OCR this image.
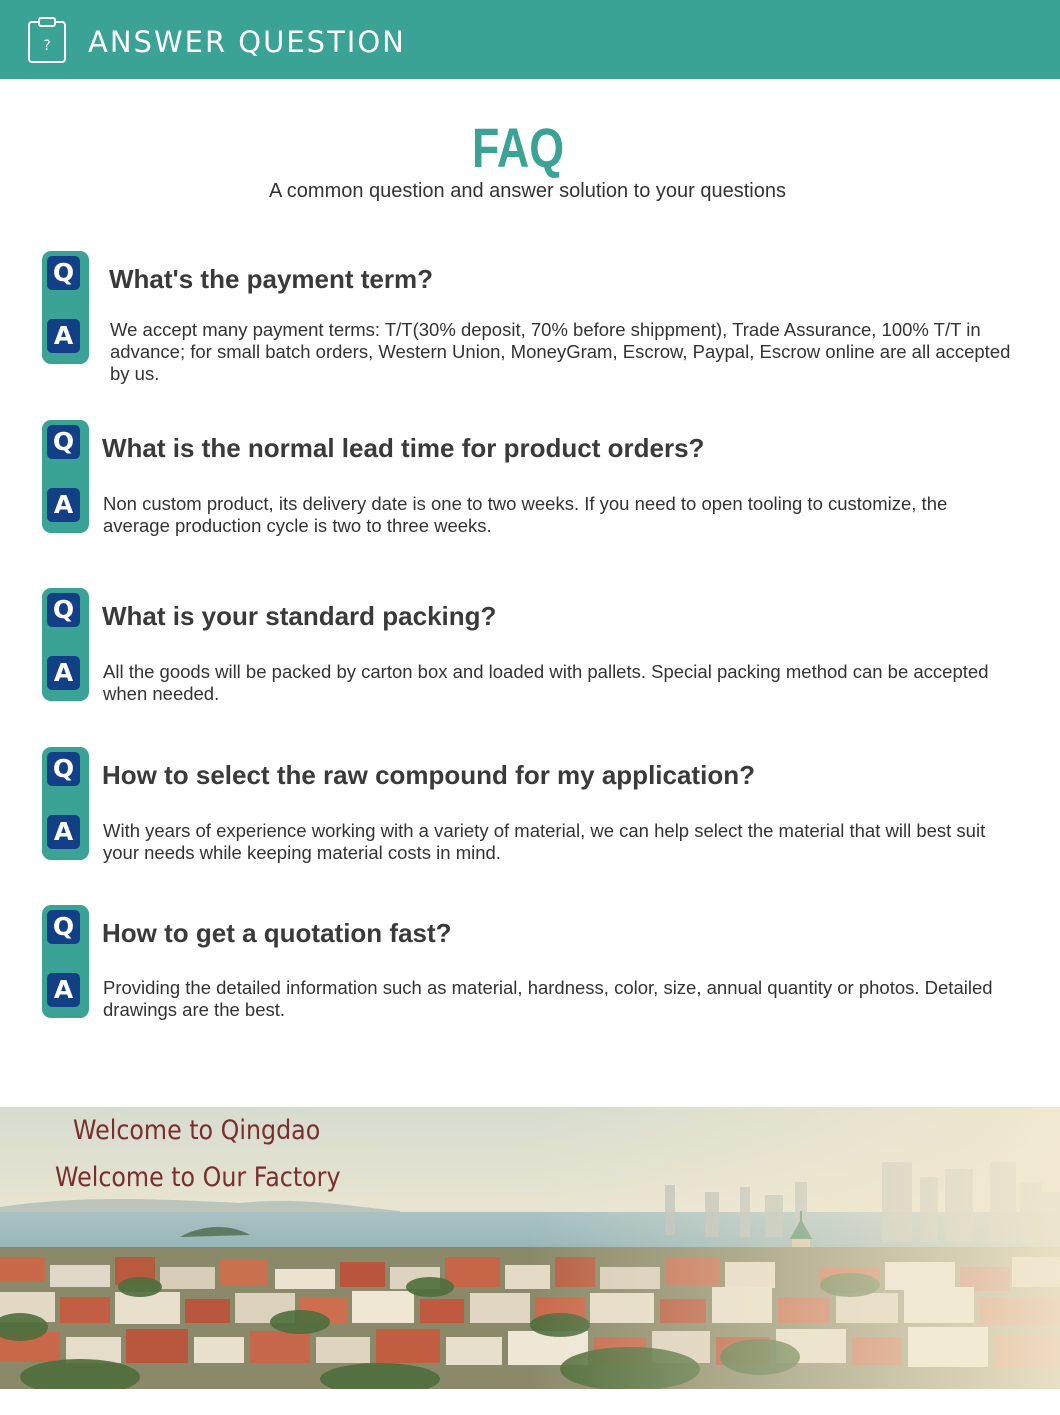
? ANSWER QUESTION
FAQ
A common question and answer solution to your questions
Q
A
What's the payment term?
We accept many payment terms: T/T(30% deposit, 70% before shippment), Trade Assurance, 100% T/T in advance; for small batch orders, Western Union, MoneyGram, Escrow, Paypal, Escrow online are all accepted by us.
Q
A
What is the normal lead time for product orders?
Non custom product, its delivery date is one to two weeks. If you need to open tooling to customize, the average production cycle is two to three weeks.
Q
A
What is your standard packing?
All the goods will be packed by carton box and loaded with pallets. Special packing method can be accepted when needed.
Q
A
How to select the raw compound for my application?
With years of experience working with a variety of material, we can help select the material that will best suit your needs while keeping material costs in mind.
Q
A
How to get a quotation fast?
Providing the detailed information such as material, hardness, color, size, annual quantity or photos. Detailed drawings are the best.
Welcome to Qingdao
Welcome to Our Factory
